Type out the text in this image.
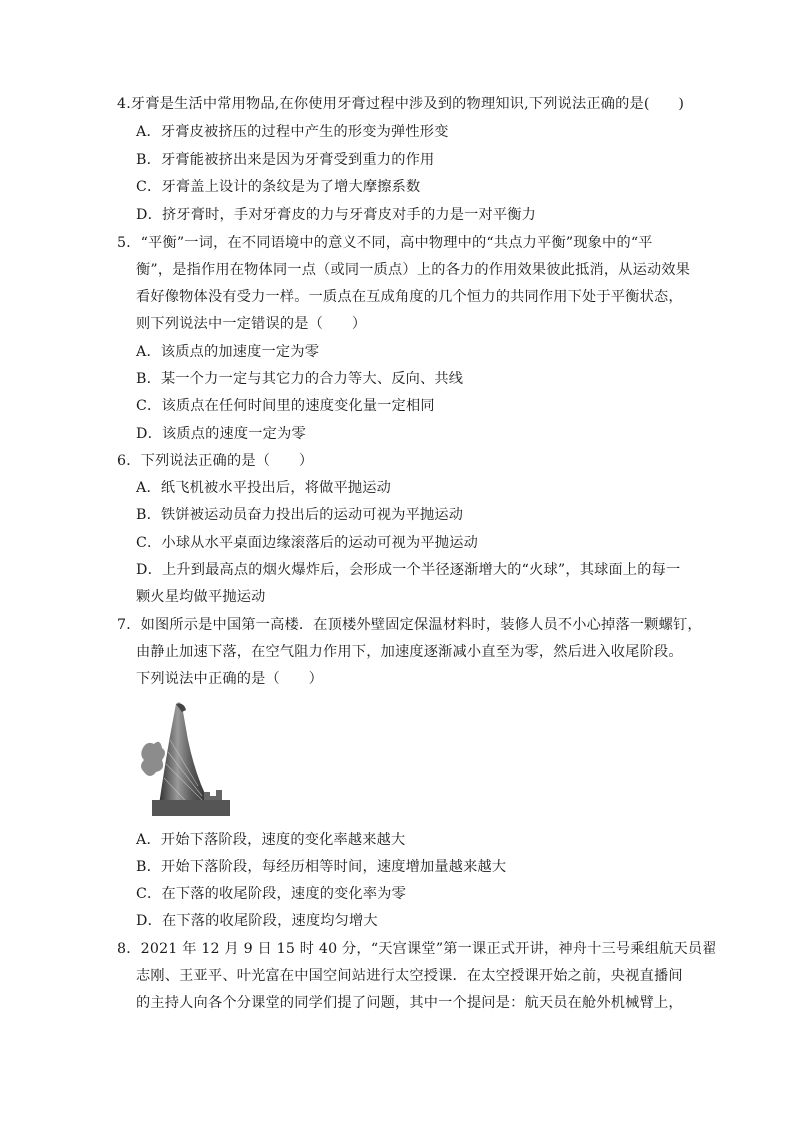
4.牙膏是生活中常用物品,在你使用牙膏过程中涉及到的物理知识,下列说法正确的是(　　)
A．牙膏皮被挤压的过程中产生的形变为弹性形变
B．牙膏能被挤出来是因为牙膏受到重力的作用
C．牙膏盖上设计的条纹是为了增大摩擦系数
D．挤牙膏时，手对牙膏皮的力与牙膏皮对手的力是一对平衡力
5．“平衡”一词，在不同语境中的意义不同，高中物理中的“共点力平衡”现象中的“平
衡”，是指作用在物体同一点（或同一质点）上的各力的作用效果彼此抵消，从运动效果
看好像物体没有受力一样。一质点在互成角度的几个恒力的共同作用下处于平衡状态，
则下列说法中一定错误的是（　　）
A．该质点的加速度一定为零
B．某一个力一定与其它力的合力等大、反向、共线
C．该质点在任何时间里的速度变化量一定相同
D．该质点的速度一定为零
6．下列说法正确的是（　　）
A．纸飞机被水平投出后，将做平抛运动
B．铁饼被运动员奋力投出后的运动可视为平抛运动
C．小球从水平桌面边缘滚落后的运动可视为平抛运动
D．上升到最高点的烟火爆炸后，会形成一个半径逐渐增大的“火球”，其球面上的每一
颗火星均做平抛运动
7．如图所示是中国第一高楼．在顶楼外壁固定保温材料时，装修人员不小心掉落一颗螺钉，
由静止加速下落，在空气阻力作用下，加速度逐渐减小直至为零，然后进入收尾阶段。
下列说法中正确的是（　　）
A．开始下落阶段，速度的变化率越来越大
B．开始下落阶段，每经历相等时间，速度增加量越来越大
C．在下落的收尾阶段，速度的变化率为零
D．在下落的收尾阶段，速度均匀增大
8．2021 年 12 月 9 日 15 时 40 分，“天宫课堂”第一课正式开讲，神舟十三号乘组航天员翟
志刚、王亚平、叶光富在中国空间站进行太空授课．在太空授课开始之前，央视直播间
的主持人向各个分课堂的同学们提了问题，其中一个提问是：航天员在舱外机械臂上，
